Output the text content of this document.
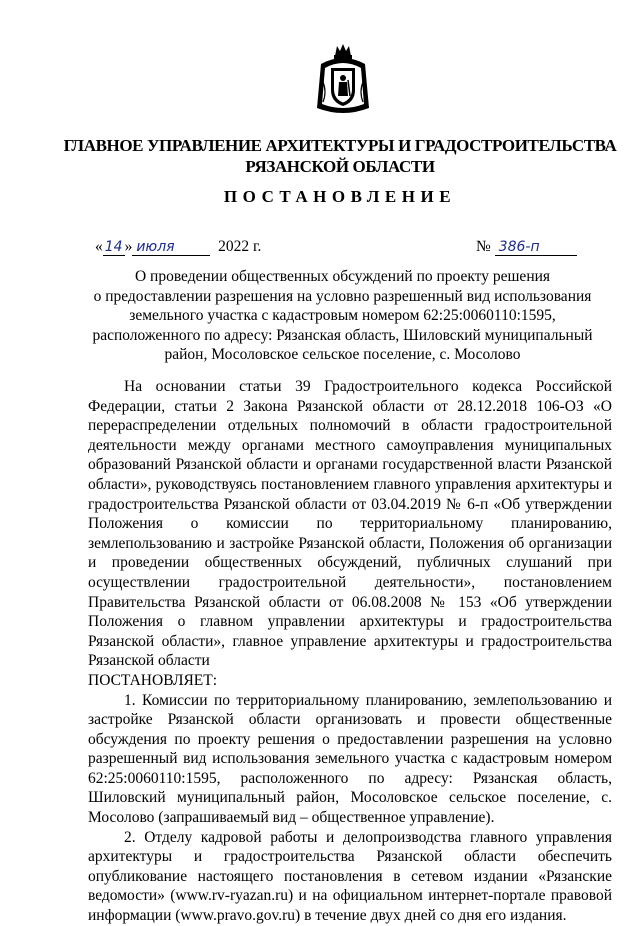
ГЛАВНОЕ УПРАВЛЕНИЕ АРХИТЕКТУРЫ И ГРАДОСТРОИТЕЛЬСТВА
РЯЗАНСКОЙ ОБЛАСТИ
ПОСТАНОВЛЕНИЕ
« 14 » июля	2022 г.	№ 386-п
О проведении общественных обсуждений по проекту решения
о предоставлении разрешения на условно разрешенный вид использования
земельного участка с кадастровым номером 62:25:0060110:1595,
расположенного по адресу: Рязанская область, Шиловский муниципальный
район, Мосоловское сельское поселение, с. Мосолово

На основании статьи 39 Градостроительного кодекса Российской Федерации, статьи 2 Закона Рязанской области от 28.12.2018 106-ОЗ «О перераспределении отдельных полномочий в области градостроительной деятельности между органами местного самоуправления муниципальных образований Рязанской области и органами государственной власти Рязанской области», руководствуясь постановлением главного управления архитектуры и градостроительства Рязанской области от 03.04.2019 № 6-п «Об утверждении Положения о комиссии по территориальному планированию, землепользованию и застройке Рязанской области, Положения об организации и проведении общественных обсуждений, публичных слушаний при осуществлении градостроительной деятельности», постановлением Правительства Рязанской области от 06.08.2008 № 153 «Об утверждении Положения о главном управлении архитектуры и градостроительства Рязанской области», главное управление архитектуры и градостроительства Рязанской области

ПОСТАНОВЛЯЕТ:

1. Комиссии по территориальному планированию, землепользованию и застройке Рязанской области организовать и провести общественные обсуждения по проекту решения о предоставлении разрешения на условно разрешенный вид использования земельного участка с кадастровым номером 62:25:0060110:1595, расположенного по адресу: Рязанская область, Шиловский муниципальный район, Мосоловское сельское поселение, с. Мосолово (запрашиваемый вид – общественное управление).

2. Отделу кадровой работы и делопроизводства главного управления архитектуры и градостроительства Рязанской области обеспечить опубликование настоящего постановления в сетевом издании «Рязанские ведомости» (www.rv-ryazan.ru) и на официальном интернет-портале правовой информации (www.pravo.gov.ru) в течение двух дней со дня его издания.
